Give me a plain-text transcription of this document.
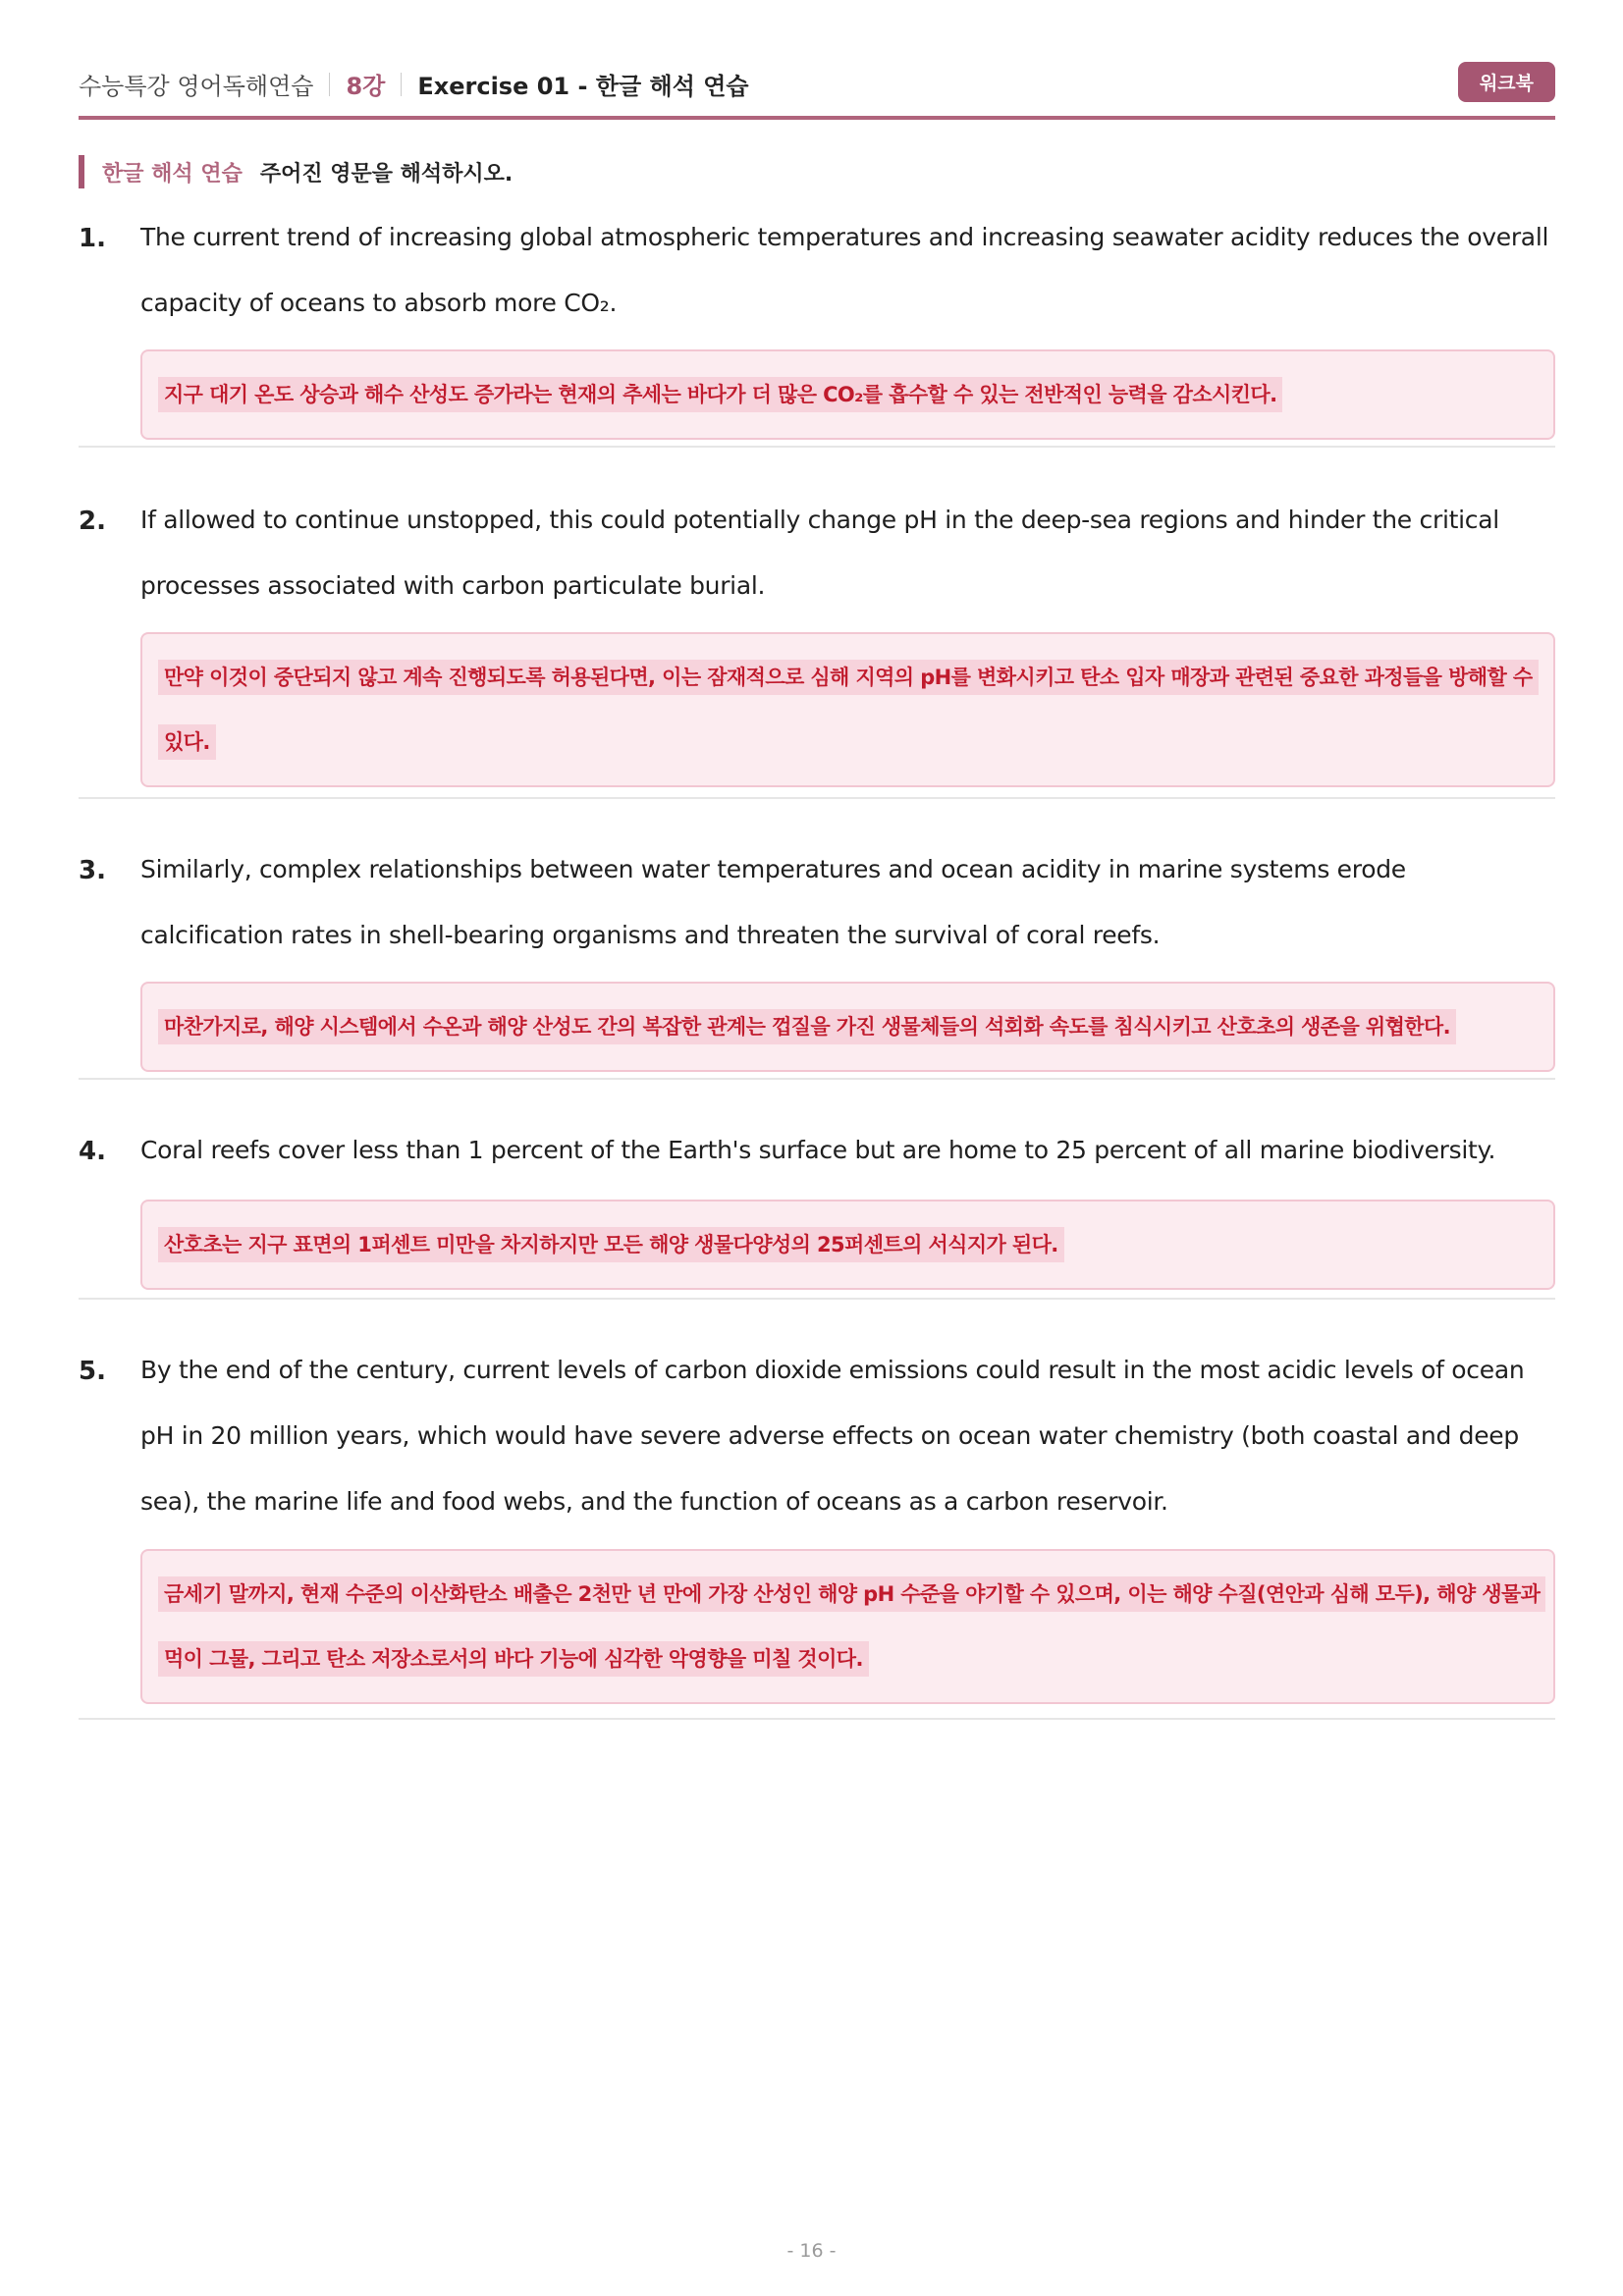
수능특강 영어독해연습 8강 Exercise 01 - 한글 해석 연습	워크북
한글 해석 연습 주어진 영문을 해석하시오.
1. The current trend of increasing global atmospheric temperatures and increasing seawater acidity reduces the overall capacity of oceans to absorb more CO₂.
지구 대기 온도 상승과 해수 산성도 증가라는 현재의 추세는 바다가 더 많은 CO₂를 흡수할 수 있는 전반적인 능력을 감소시킨다.
2. If allowed to continue unstopped, this could potentially change pH in the deep-sea regions and hinder the critical processes associated with carbon particulate burial.
만약 이것이 중단되지 않고 계속 진행되도록 허용된다면, 이는 잠재적으로 심해 지역의 pH를 변화시키고 탄소 입자 매장과 관련된 중요한 과정들을 방해할 수 있다.
3. Similarly, complex relationships between water temperatures and ocean acidity in marine systems erode calcification rates in shell-bearing organisms and threaten the survival of coral reefs.
마찬가지로, 해양 시스템에서 수온과 해양 산성도 간의 복잡한 관계는 껍질을 가진 생물체들의 석회화 속도를 침식시키고 산호초의 생존을 위협한다.
4. Coral reefs cover less than 1 percent of the Earth's surface but are home to 25 percent of all marine biodiversity.
산호초는 지구 표면의 1퍼센트 미만을 차지하지만 모든 해양 생물다양성의 25퍼센트의 서식지가 된다.
5. By the end of the century, current levels of carbon dioxide emissions could result in the most acidic levels of ocean pH in 20 million years, which would have severe adverse effects on ocean water chemistry (both coastal and deep sea), the marine life and food webs, and the function of oceans as a carbon reservoir.
금세기 말까지, 현재 수준의 이산화탄소 배출은 2천만 년 만에 가장 산성인 해양 pH 수준을 야기할 수 있으며, 이는 해양 수질(연안과 심해 모두), 해양 생물과 먹이 그물, 그리고 탄소 저장소로서의 바다 기능에 심각한 악영향을 미칠 것이다.
- 16 -
